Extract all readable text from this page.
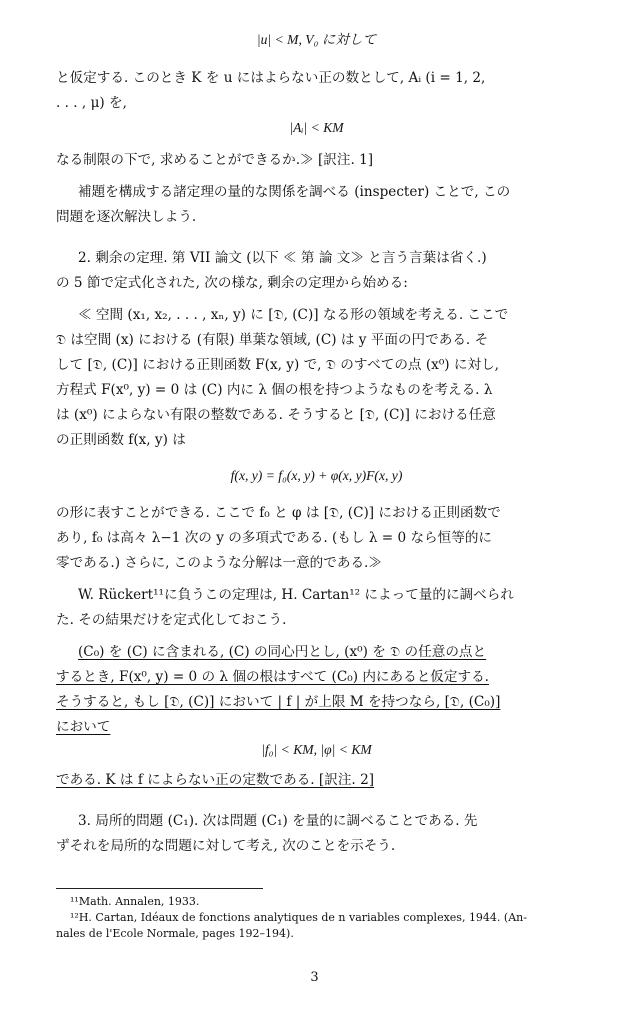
|u| < M, V₀ に対して
と仮定する. このとき K を u にはよらない正の数として, Aᵢ (i = 1, 2,
. . . , μ) を,
|Aᵢ| < KM
なる制限の下で, 求めることができるか.≫ [訳注. 1]
補題を構成する諸定理の量的な関係を調べる (inspecter) ことで, この
問題を逐次解決しよう.
2. 剰余の定理. 第 VII 論文 (以下 ≪ 第 論 文≫ と言う言葉は省く.)
の 5 節で定式化された, 次の様な, 剰余の定理から始める:
≪ 空間 (x₁, x₂, . . . , xₙ, y) に [𝔇, (C)] なる形の領域を考える. ここで
𝔇 は空間 (x) における (有限) 単葉な領域, (C) は y 平面の円である. そ
して [𝔇, (C)] における正則函数 F(x, y) で, 𝔇 のすべての点 (x⁰) に対し,
方程式 F(x⁰, y) = 0 は (C) 内に λ 個の根を持つようなものを考える. λ
は (x⁰) によらない有限の整数である. そうすると [𝔇, (C)] における任意
の正則函数 f(x, y) は
f(x, y) = f₀(x, y) + φ(x, y)F(x, y)
の形に表すことができる. ここで f₀ と φ は [𝔇, (C)] における正則函数で
あり, f₀ は高々 λ−1 次の y の多項式である. (もし λ = 0 なら恒等的に
零である.) さらに, このような分解は一意的である.≫
W. Rückert¹¹に負うこの定理は, H. Cartan¹² によって量的に調べられ
た. その結果だけを定式化しておこう.
(C₀) を (C) に含まれる, (C) の同心円とし, (x⁰) を 𝔇 の任意の点と
するとき, F(x⁰, y) = 0 の λ 個の根はすべて (C₀) 内にあると仮定する.
そうすると, もし [𝔇, (C)] において | f | が上限 M を持つなら, [𝔇, (C₀)]
において
|f₀| < KM, |φ| < KM
である. K は f によらない正の定数である. [訳注. 2]
3. 局所的問題 (C₁). 次は問題 (C₁) を量的に調べることである. 先
ずそれを局所的な問題に対して考え, 次のことを示そう.
¹¹Math. Annalen, 1933.
¹²H. Cartan, Idéaux de fonctions analytiques de n variables complexes, 1944. (An-
nales de l'Ecole Normale, pages 192–194).
3
